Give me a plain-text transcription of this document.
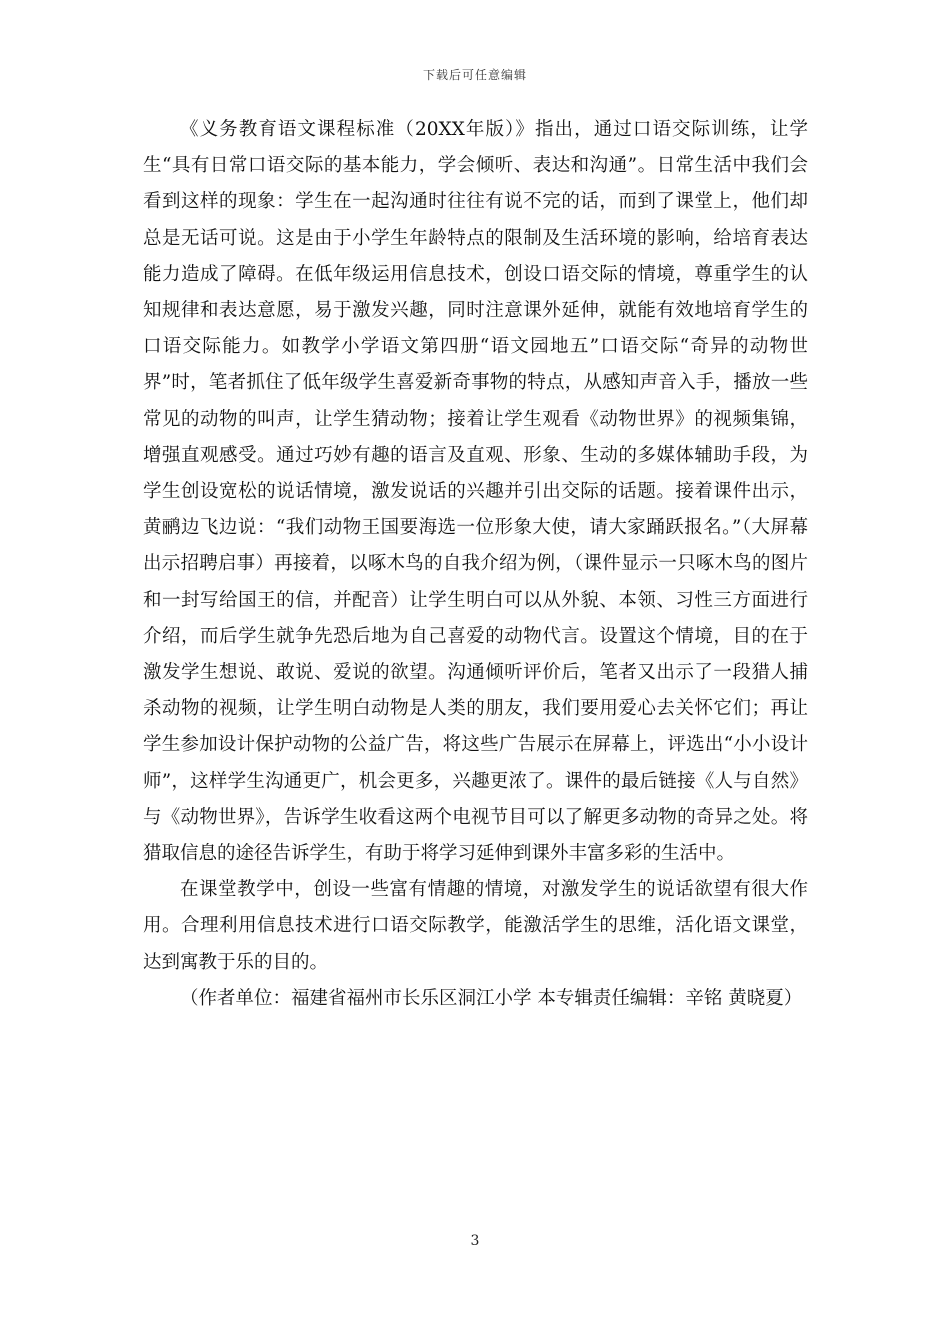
下载后可任意编辑

《义务教育语文课程标准（20XX年版）》指出，通过口语交际训练，让学生“具有日常口语交际的基本能力，学会倾听、表达和沟通”。日常生活中我们会看到这样的现象：学生在一起沟通时往往有说不完的话，而到了课堂上，他们却总是无话可说。这是由于小学生年龄特点的限制及生活环境的影响，给培育表达能力造成了障碍。在低年级运用信息技术，创设口语交际的情境，尊重学生的认知规律和表达意愿，易于激发兴趣，同时注意课外延伸，就能有效地培育学生的口语交际能力。如教学小学语文第四册“语文园地五”口语交际“奇异的动物世界”时，笔者抓住了低年级学生喜爱新奇事物的特点，从感知声音入手，播放一些常见的动物的叫声，让学生猜动物；接着让学生观看《动物世界》的视频集锦，增强直观感受。通过巧妙有趣的语言及直观、形象、生动的多媒体辅助手段，为学生创设宽松的说话情境，激发说话的兴趣并引出交际的话题。接着课件出示，黄鹂边飞边说：“我们动物王国要海选一位形象大使，请大家踊跃报名。”（大屏幕出示招聘启事）再接着，以啄木鸟的自我介绍为例，（课件显示一只啄木鸟的图片和一封写给国王的信，并配音）让学生明白可以从外貌、本领、习性三方面进行介绍，而后学生就争先恐后地为自己喜爱的动物代言。设置这个情境，目的在于激发学生想说、敢说、爱说的欲望。沟通倾听评价后，笔者又出示了一段猎人捕杀动物的视频，让学生明白动物是人类的朋友，我们要用爱心去关怀它们；再让学生参加设计保护动物的公益广告，将这些广告展示在屏幕上，评选出“小小设计师”，这样学生沟通更广，机会更多，兴趣更浓了。课件的最后链接《人与自然》与《动物世界》，告诉学生收看这两个电视节目可以了解更多动物的奇异之处。将猎取信息的途径告诉学生，有助于将学习延伸到课外丰富多彩的生活中。

在课堂教学中，创设一些富有情趣的情境，对激发学生的说话欲望有很大作用。合理利用信息技术进行口语交际教学，能激活学生的思维，活化语文课堂，达到寓教于乐的目的。

（作者单位：福建省福州市长乐区洞江小学 本专辑责任编辑：辛铭 黄晓夏）

3
